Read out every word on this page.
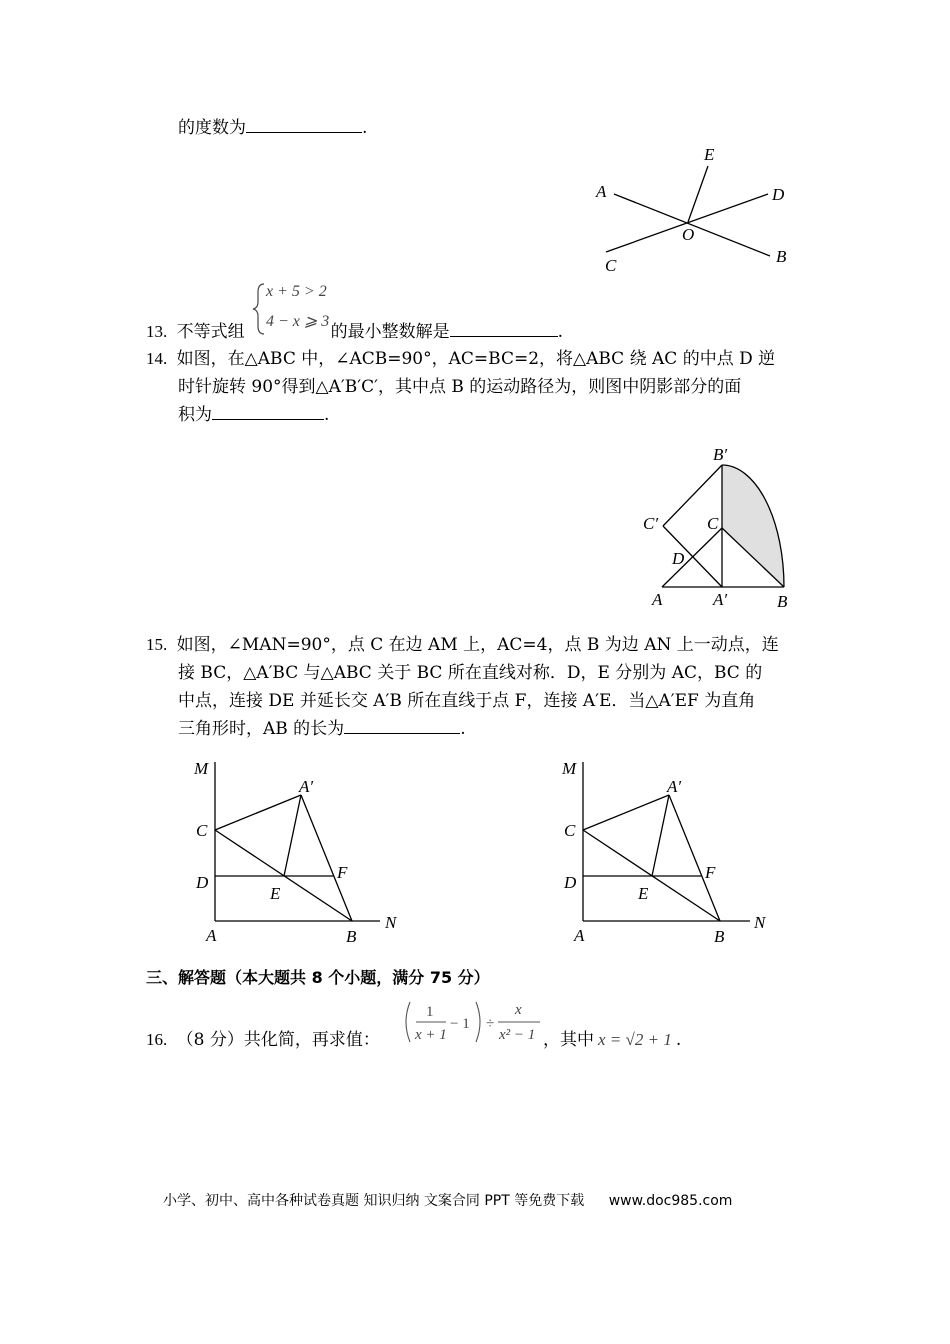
的度数为	.
E
A	D
O
C	B
13. 不等式组	的最小整数解是	.
x + 5 > 2
4 − x ⩾ 3
14. 如图，在△ABC 中，∠ACB=90°，AC=BC=2，将△ABC 绕 AC 的中点 D 逆
时针旋转 90°得到△A′B′C′，其中点 B 的运动路径为，则图中阴影部分的面
积为	.
B′
C′	C
D
A	A′	B
15. 如图，∠MAN=90°，点 C 在边 AM 上，AC=4，点 B 为边 AN 上一动点，连
接 BC，△A′BC 与△ABC 关于 BC 所在直线对称．D，E 分别为 AC，BC 的
中点，连接 DE 并延长交 A′B 所在直线于点 F，连接 A′E．当△A′EF 为直角
三角形时，AB 的长为	.
M
A′
C
D
F
E
A	B
N
M
A′
C
D
F
E
A	B
N
三、解答题（本大题共 8 个小题，满分 75 分）
16. （8 分）共化简，再求值：
1
x + 1
− 1 ÷
x
x² − 1 ，其中 x = √2 + 1 .
小学、初中、高中各种试卷真题 知识归纳 文案合同 PPT 等免费下载 www.doc985.com
